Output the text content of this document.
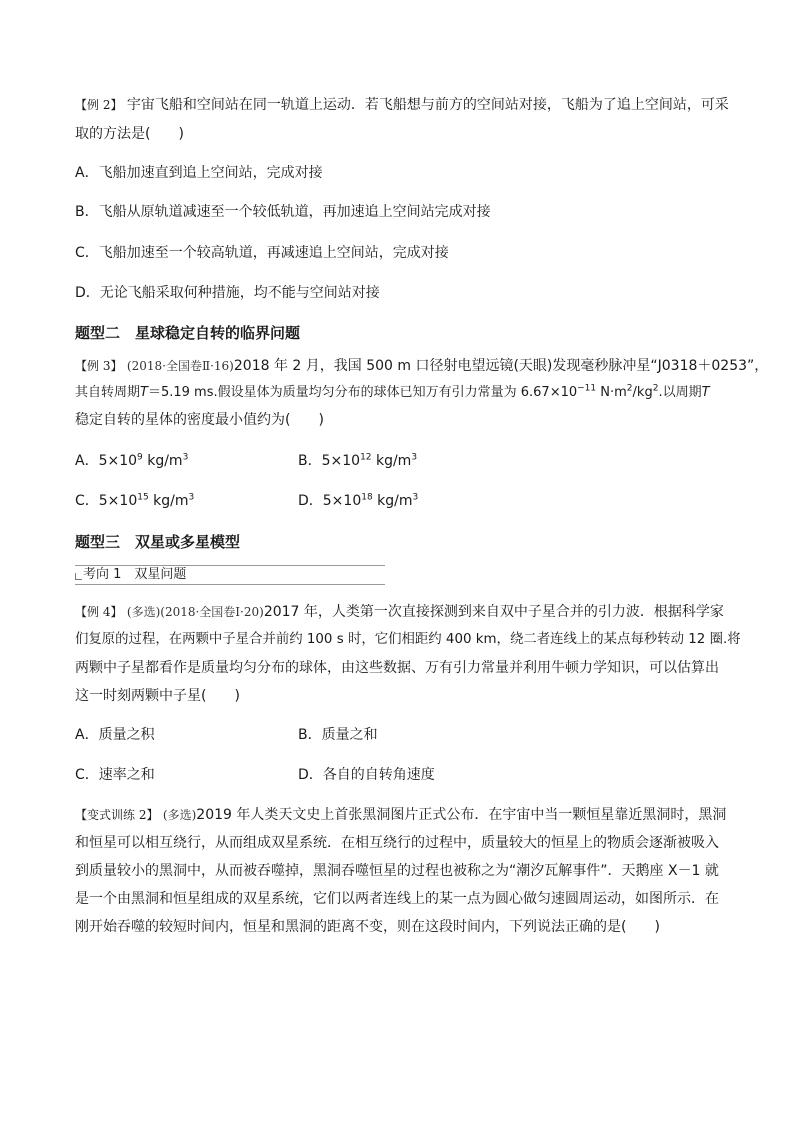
【例 2】 宇宙飞船和空间站在同一轨道上运动．若飞船想与前方的空间站对接，飞船为了追上空间站，可采
取的方法是(　　)
A．飞船加速直到追上空间站，完成对接
B．飞船从原轨道减速至一个较低轨道，再加速追上空间站完成对接
C．飞船加速至一个较高轨道，再减速追上空间站，完成对接
D．无论飞船采取何种措施，均不能与空间站对接
题型二　星球稳定自转的临界问题
【例 3】 (2018·全国卷Ⅱ·16)2018 年 2 月，我国 500 m 口径射电望远镜(天眼)发现毫秒脉冲星“J0318＋0253”，
其自转周期T＝5.19 ms.假设星体为质量均匀分布的球体已知万有引力常量为 $6.67\times 10^{-11}$ $N\cdot m^2/kg^2$.以周期T
稳定自转的星体的密度最小值约为(　　)
A．$5\times 10^9$ $kg/m^3$	B．$5\times 10^{12}$ $kg/m^3$
C．$5\times 10^{15}$ $kg/m^3$	D．$5\times 10^{18}$ $kg/m^3$
题型三　双星或多星模型
考向 1　双星问题
【例 4】 (多选)(2018·全国卷Ⅰ·20)2017 年，人类第一次直接探测到来自双中子星合并的引力波．根据科学家
们复原的过程，在两颗中子星合并前约 100 s 时，它们相距约 400 km，绕二者连线上的某点每秒转动 12 圈.将
两颗中子星都看作是质量均匀分布的球体，由这些数据、万有引力常量并利用牛顿力学知识，可以估算出
这一时刻两颗中子星(　　)
A．质量之积	B．质量之和
C．速率之和	D．各自的自转角速度
【变式训练 2】 (多选)2019 年人类天文史上首张黑洞图片正式公布．在宇宙中当一颗恒星靠近黑洞时，黑洞
和恒星可以相互绕行，从而组成双星系统．在相互绕行的过程中，质量较大的恒星上的物质会逐渐被吸入
到质量较小的黑洞中，从而被吞噬掉，黑洞吞噬恒星的过程也被称之为“潮汐瓦解事件”．天鹅座 X－1 就
是一个由黑洞和恒星组成的双星系统，它们以两者连线上的某一点为圆心做匀速圆周运动，如图所示．在
刚开始吞噬的较短时间内，恒星和黑洞的距离不变，则在这段时间内，下列说法正确的是(　　)
